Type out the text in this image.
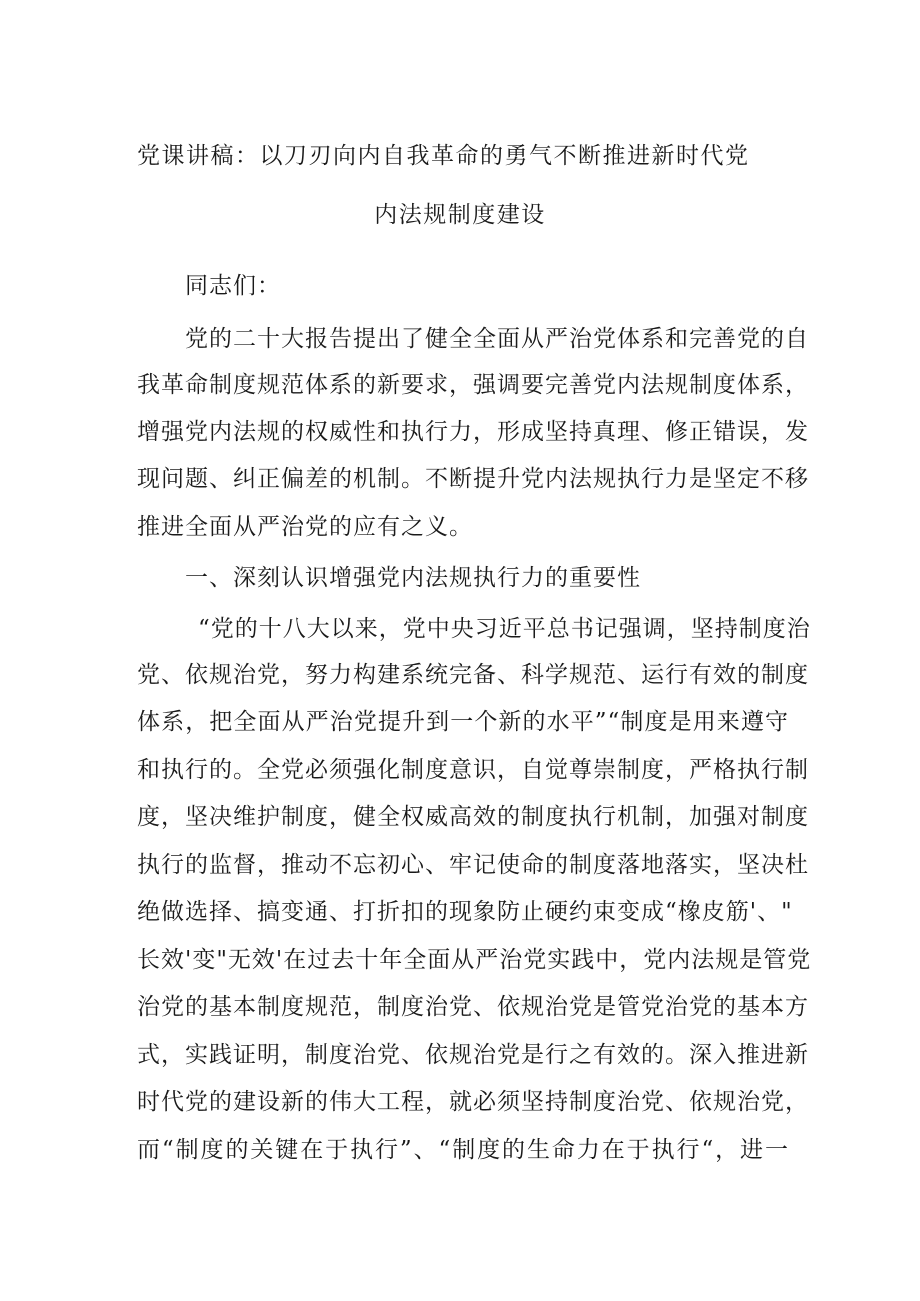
党课讲稿：以刀刃向内自我革命的勇气不断推进新时代党
内法规制度建设
同志们：
党的二十大报告提出了健全全面从严治党体系和完善党的自
我革命制度规范体系的新要求，强调要完善党内法规制度体系，
增强党内法规的权威性和执行力，形成坚持真理、修正错误，发
现问题、纠正偏差的机制。不断提升党内法规执行力是坚定不移
推进全面从严治党的应有之义。
一、深刻认识增强党内法规执行力的重要性
“党的十八大以来，党中央习近平总书记强调，坚持制度治
党、依规治党，努力构建系统完备、科学规范、运行有效的制度
体系，把全面从严治党提升到一个新的水平”“制度是用来遵守
和执行的。全党必须强化制度意识，自觉尊崇制度，严格执行制
度，坚决维护制度，健全权威高效的制度执行机制，加强对制度
执行的监督，推动不忘初心、牢记使命的制度落地落实，坚决杜
绝做选择、搞变通、打折扣的现象防止硬约束变成“橡皮筋'、"
长效'变"无效'在过去十年全面从严治党实践中，党内法规是管党
治党的基本制度规范，制度治党、依规治党是管党治党的基本方
式，实践证明，制度治党、依规治党是行之有效的。深入推进新
时代党的建设新的伟大工程，就必须坚持制度治党、依规治党，
而“制度的关键在于执行”、“制度的生命力在于执行“，进一
